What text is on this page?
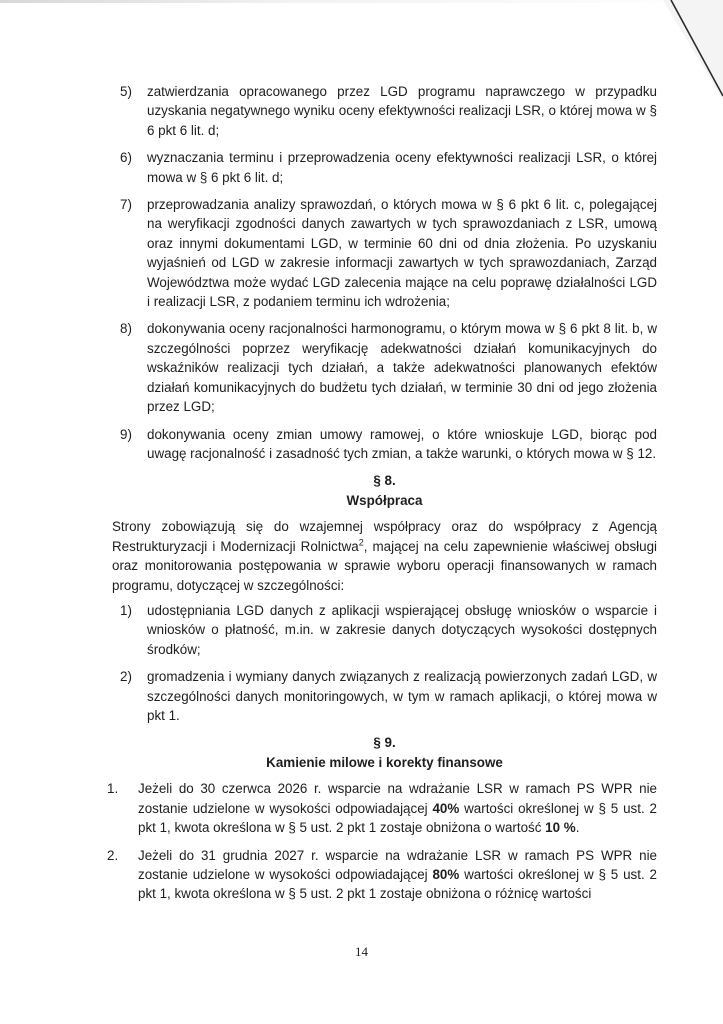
5) zatwierdzania opracowanego przez LGD programu naprawczego w przypadku uzyskania negatywnego wyniku oceny efektywności realizacji LSR, o której mowa w § 6 pkt 6 lit. d;
6) wyznaczania terminu i przeprowadzenia oceny efektywności realizacji LSR, o której mowa w § 6 pkt 6 lit. d;
7) przeprowadzania analizy sprawozdań, o których mowa w § 6 pkt 6 lit. c, polegającej na weryfikacji zgodności danych zawartych w tych sprawozdaniach z LSR, umową oraz innymi dokumentami LGD, w terminie 60 dni od dnia złożenia. Po uzyskaniu wyjaśnień od LGD w zakresie informacji zawartych w tych sprawozdaniach, Zarząd Województwa może wydać LGD zalecenia mające na celu poprawę działalności LGD i realizacji LSR, z podaniem terminu ich wdrożenia;
8) dokonywania oceny racjonalności harmonogramu, o którym mowa w § 6 pkt 8 lit. b, w szczególności poprzez weryfikację adekwatności działań komunikacyjnych do wskaźników realizacji tych działań, a także adekwatności planowanych efektów działań komunikacyjnych do budżetu tych działań, w terminie 30 dni od jego złożenia przez LGD;
9) dokonywania oceny zmian umowy ramowej, o które wnioskuje LGD, biorąc pod uwagę racjonalność i zasadność tych zmian, a także warunki, o których mowa w § 12.
§ 8.
Współpraca

Strony zobowiązują się do wzajemnej współpracy oraz do współpracy z Agencją Restrukturyzacji i Modernizacji Rolnictwa$^2$, mającej na celu zapewnienie właściwej obsługi oraz monitorowania postępowania w sprawie wyboru operacji finansowanych w ramach programu, dotyczącej w szczególności:

1) udostępniania LGD danych z aplikacji wspierającej obsługę wniosków o wsparcie i wniosków o płatność, m.in. w zakresie danych dotyczących wysokości dostępnych środków;
2) gromadzenia i wymiany danych związanych z realizacją powierzonych zadań LGD, w szczególności danych monitoringowych, w tym w ramach aplikacji, o której mowa w pkt 1.
§ 9.
Kamienie milowe i korekty finansowe
1. Jeżeli do 30 czerwca 2026 r. wsparcie na wdrażanie LSR w ramach PS WPR nie zostanie udzielone w wysokości odpowiadającej 40% wartości określonej w § 5 ust. 2 pkt 1, kwota określona w § 5 ust. 2 pkt 1 zostaje obniżona o wartość 10 %.
2. Jeżeli do 31 grudnia 2027 r. wsparcie na wdrażanie LSR w ramach PS WPR nie zostanie udzielone w wysokości odpowiadającej 80% wartości określonej w § 5 ust. 2 pkt 1, kwota określona w § 5 ust. 2 pkt 1 zostaje obniżona o różnicę wartości
14
